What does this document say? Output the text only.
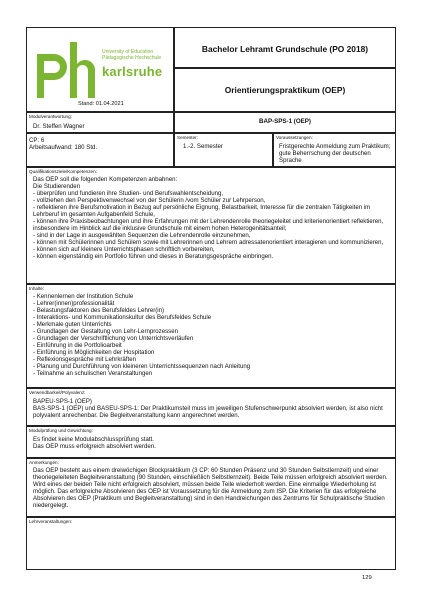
University of Education
Pädagogische Hochschule
karlsruhe
Stand: 01.04.2021
Bachelor Lehramt Grundschule (PO 2018)
Orientierungspraktikum (OEP)
Modulverantwortung:
Dr. Steffen Wagner
BAP-SPS-1 (OEP)
CP: 6
Arbeitsaufwand: 180 Std.
Semester:
1.-2. Semester
Voraussetzungen:
Fristgerechte Anmeldung zum Praktikum; gute Beherrschung der deutschen Sprache
Qualifikationsziele/Kompetenzen:
Das OEP soll die folgenden Kompetenzen anbahnen:
Die Studierenden
- überprüfen und fundieren ihre Studien- und Berufswahlentscheidung,
- vollziehen den Perspektivenwechsel von der Schülerin /vom Schüler zur Lehrperson,
- reflektieren ihre Berufsmotivation in Bezug auf persönliche Eignung, Belastbarkeit, Interesse für die zentralen Tätigkeiten im Lehrberuf im gesamten Aufgabenfeld Schule,
- können ihre Praxisbeobachtungen und ihre Erfahrungen mit der Lehrendenrolle theoriegeleitet und kriterienorientiert reflektieren, insbesondere im Hinblick auf die inklusive Grundschule mit einem hohen Heterogenitätsanteil;
- sind in der Lage in ausgewählten Sequenzen die Lehrendenrolle einzunehmen,
- können mit Schülerinnen und Schülern sowie mit Lehrerinnen und Lehrern adressatenorientiert interagieren und kommunizieren,
- können sich auf kleinere Unterrichtsphasen schriftlich vorbereiten,
- können eigenständig ein Portfolio führen und dieses in Beratungsgespräche einbringen.
Inhalte:
- Kennenlernen der Institution Schule
- Lehrer(innen)professionalität
- Belastungsfaktoren des Berufsfeldes Lehrer(in)
- Interaktions- und Kommunikationskultur des Berufsfeldes Schule
- Merkmale guten Unterrichts
- Grundlagen der Gestaltung von Lehr-Lernprozessen
- Grundlagen der Verschriftlichung von Unterrichtsverläufen
- Einführung in die Portfolioarbeit
- Einführung in Möglichkeiten der Hospitation
- Reflexionsgespräche mit Lehrkräften
- Planung und Durchführung von kleineren Unterrichtssequenzen nach Anleitung
- Teilnahme an schulischen Veranstaltungen
Verwendbarkeit/Polyvalenz:
BAPEU-SPS-1 (OEP)
BAS-SPS-1 (OEP) und BASEU-SPS-1: Der Praktikumsteil muss im jeweiligen Stufenschwerpunkt absolviert werden, ist also nicht polyvalent anrechenbar. Die Begleitveranstaltung kann angerechnet werden.
Modulprüfung und Gewichtung:
Es findet keine Modulabschlussprüfung statt.
Das OEP muss erfolgreich absolviert werden.
Anmerkungen:
Das OEP besteht aus einem dreiwöchigen Blockpraktikum (3 CP: 60 Stunden Präsenz und 30 Stunden Selbstlernzeit) und einer theoriegeleiteten Begleitveranstaltung (90 Stunden, einschließlich Selbstlernzeit). Beide Teile müssen erfolgreich absolviert werden. Wird eines der beiden Teile nicht erfolgreich absolviert, müssen beide Teile wiederholt werden. Eine einmalige Wiederholung ist möglich. Das erfolgreiche Absolvieren des OEP ist Voraussetzung für die Anmeldung zum ISP. Die Kriterien für das erfolgreiche Absolvieren des OEP (Praktikum und Begleitveranstaltung) sind in den Handreichungen des Zentrums für Schulpraktische Studien niedergelegt.
Lehrveranstaltungen:
129
